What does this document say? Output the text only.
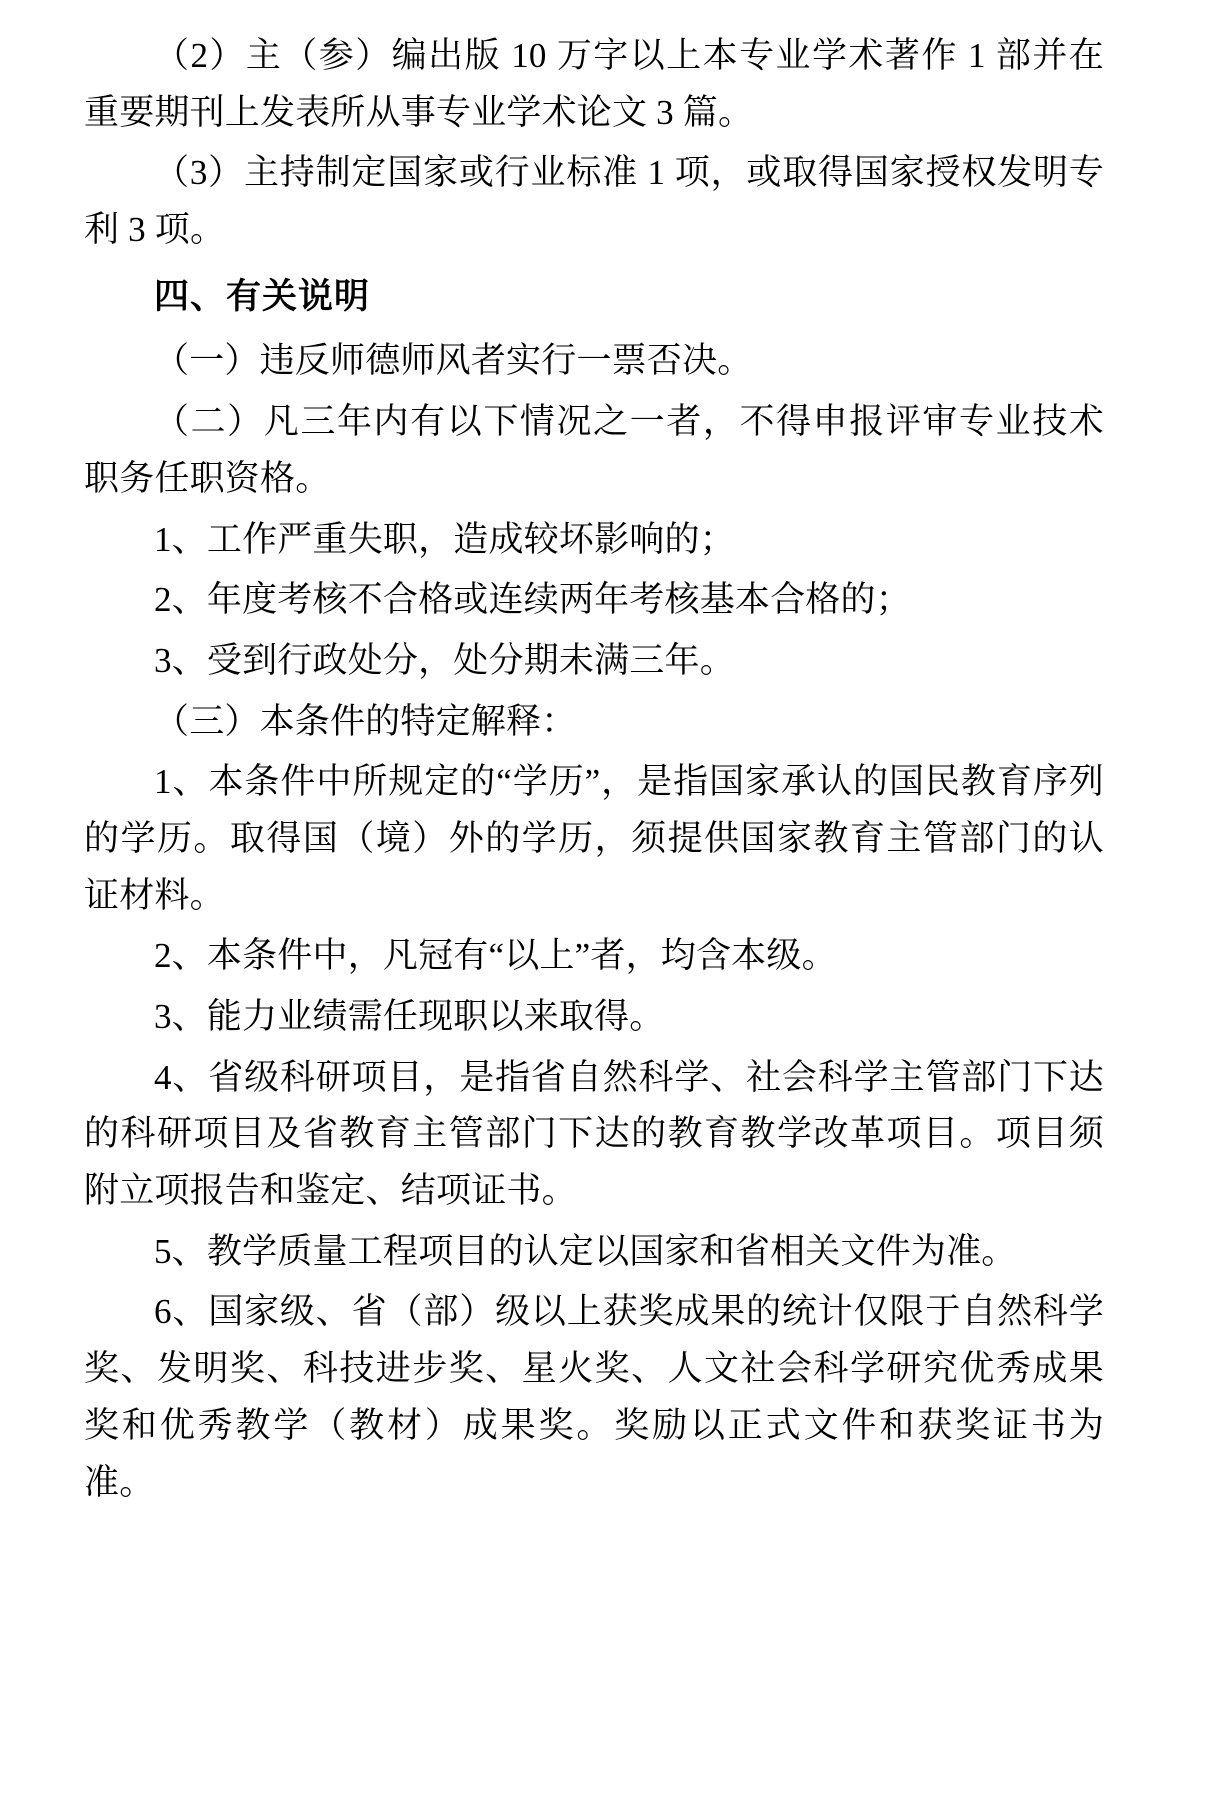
（2）主（参）编出版 10 万字以上本专业学术著作 1 部并在重要期刊上发表所从事专业学术论文 3 篇。

（3）主持制定国家或行业标准 1 项，或取得国家授权发明专利 3 项。

四、有关说明

（一）违反师德师风者实行一票否决。

（二）凡三年内有以下情况之一者，不得申报评审专业技术职务任职资格。

1、工作严重失职，造成较坏影响的；

2、年度考核不合格或连续两年考核基本合格的；

3、受到行政处分，处分期未满三年。

（三）本条件的特定解释：

1、本条件中所规定的“学历”，是指国家承认的国民教育序列的学历。取得国（境）外的学历，须提供国家教育主管部门的认证材料。

2、本条件中，凡冠有“以上”者，均含本级。

3、能力业绩需任现职以来取得。

4、省级科研项目，是指省自然科学、社会科学主管部门下达的科研项目及省教育主管部门下达的教育教学改革项目。项目须附立项报告和鉴定、结项证书。

5、教学质量工程项目的认定以国家和省相关文件为准。

6、国家级、省（部）级以上获奖成果的统计仅限于自然科学奖、发明奖、科技进步奖、星火奖、人文社会科学研究优秀成果奖和优秀教学（教材）成果奖。奖励以正式文件和获奖证书为准。
